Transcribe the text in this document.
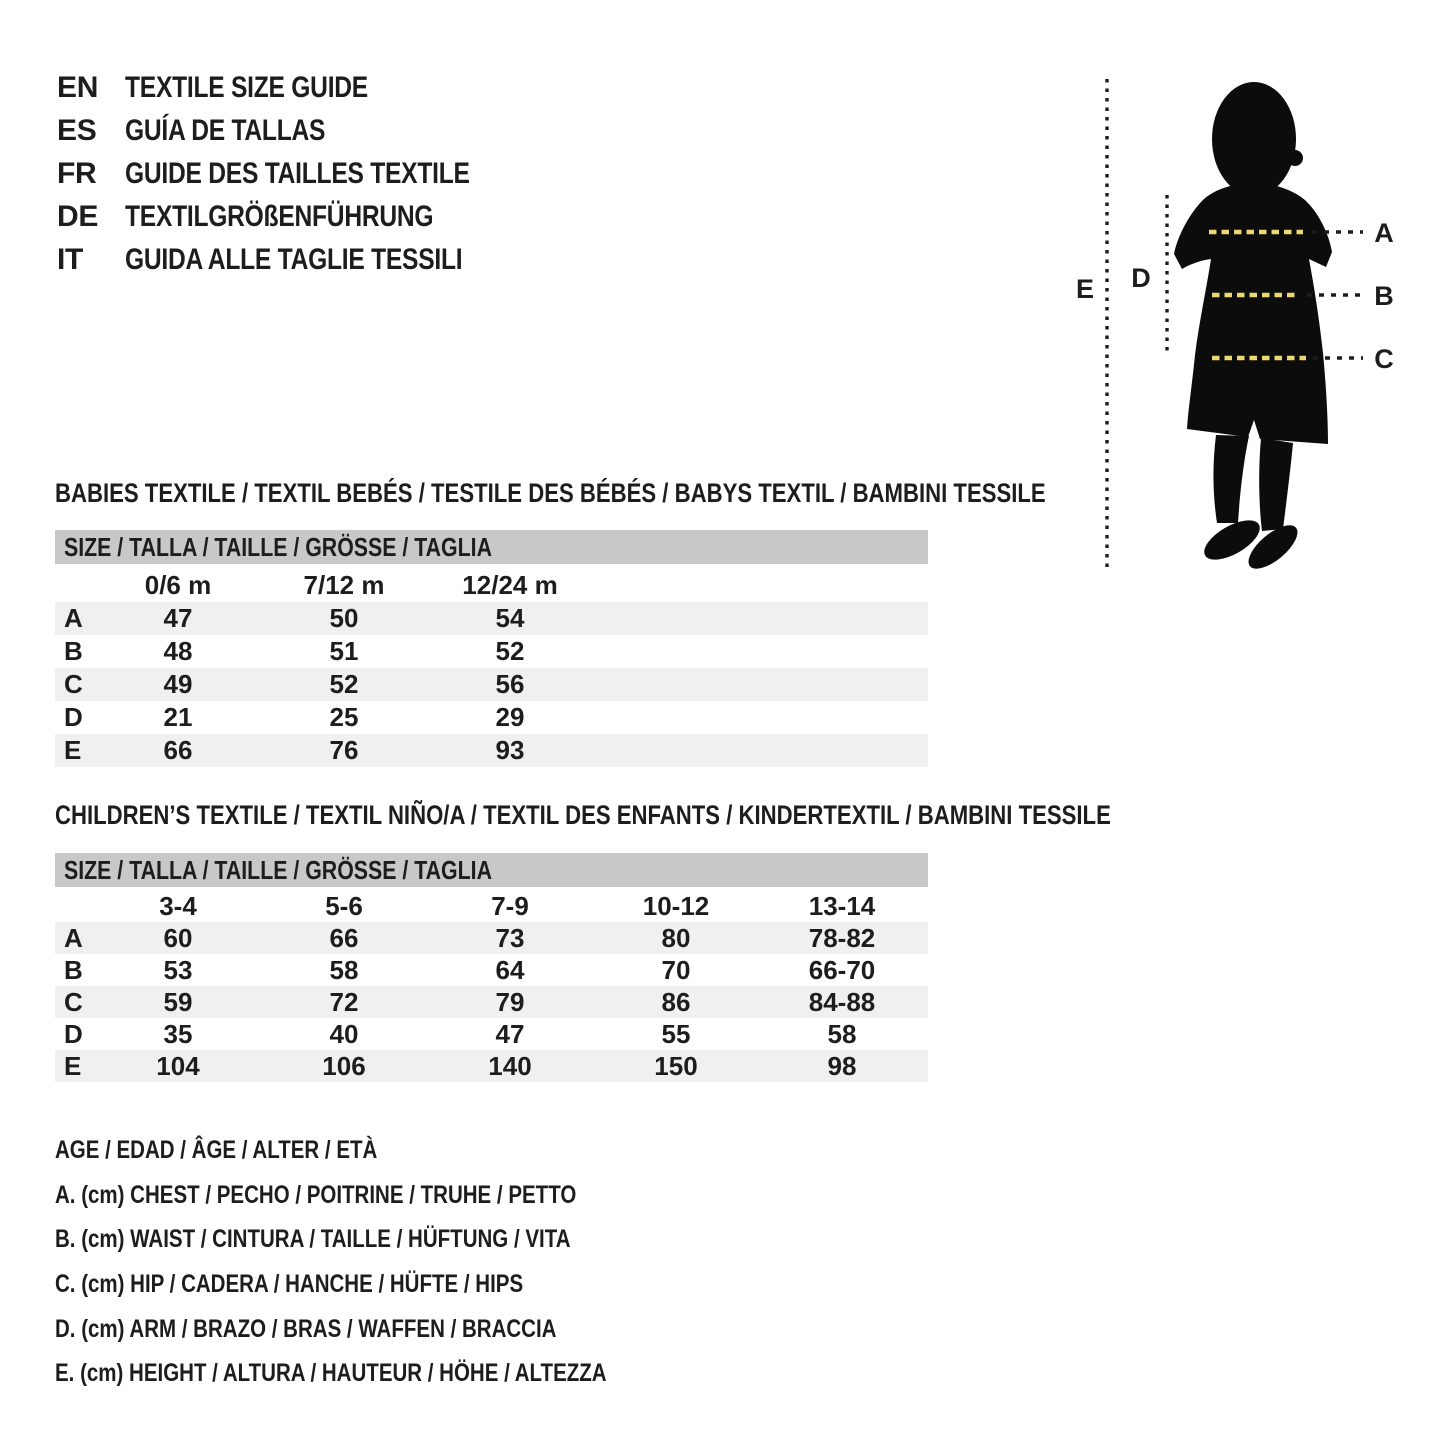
EN TEXTILE SIZE GUIDE
ES GUÍA DE TALLAS
FR GUIDE DES TAILLES TEXTILE
DE TEXTILGRÖßENFÜHRUNG
IT	GUIDA ALLE TAGLIE TESSILI
E D
A
B
C
BABIES TEXTILE / TEXTIL BEBÉS / TESTILE DES BÉBÉS / BABYS TEXTIL / BAMBINI TESSILE
SIZE / TALLA / TAILLE / GRÖSSE / TAGLIA
0/6 m	7/12 m	12/24 m
A	47	50	54
B	48	51	52
C	49	52	56
D	21	25	29
E	66	76	93
CHILDREN’S TEXTILE / TEXTIL NIÑO/A / TEXTIL DES ENFANTS / KINDERTEXTIL / BAMBINI TESSILE
SIZE / TALLA / TAILLE / GRÖSSE / TAGLIA
3-4	5-6	7-9	10-12	13-14
A	60	66	73	80	78-82
B	53	58	64	70	66-70
C	59	72	79	86	84-88
D	35	40	47	55	58
E	104	106	140	150	98

AGE / EDAD / ÂGE / ALTER / ETÀ

A. (cm) CHEST / PECHO / POITRINE / TRUHE / PETTO

B. (cm) WAIST / CINTURA / TAILLE / HÜFTUNG / VITA

C. (cm) HIP / CADERA / HANCHE / HÜFTE / HIPS

D. (cm) ARM / BRAZO / BRAS / WAFFEN / BRACCIA

E. (cm) HEIGHT / ALTURA / HAUTEUR / HÖHE / ALTEZZA
